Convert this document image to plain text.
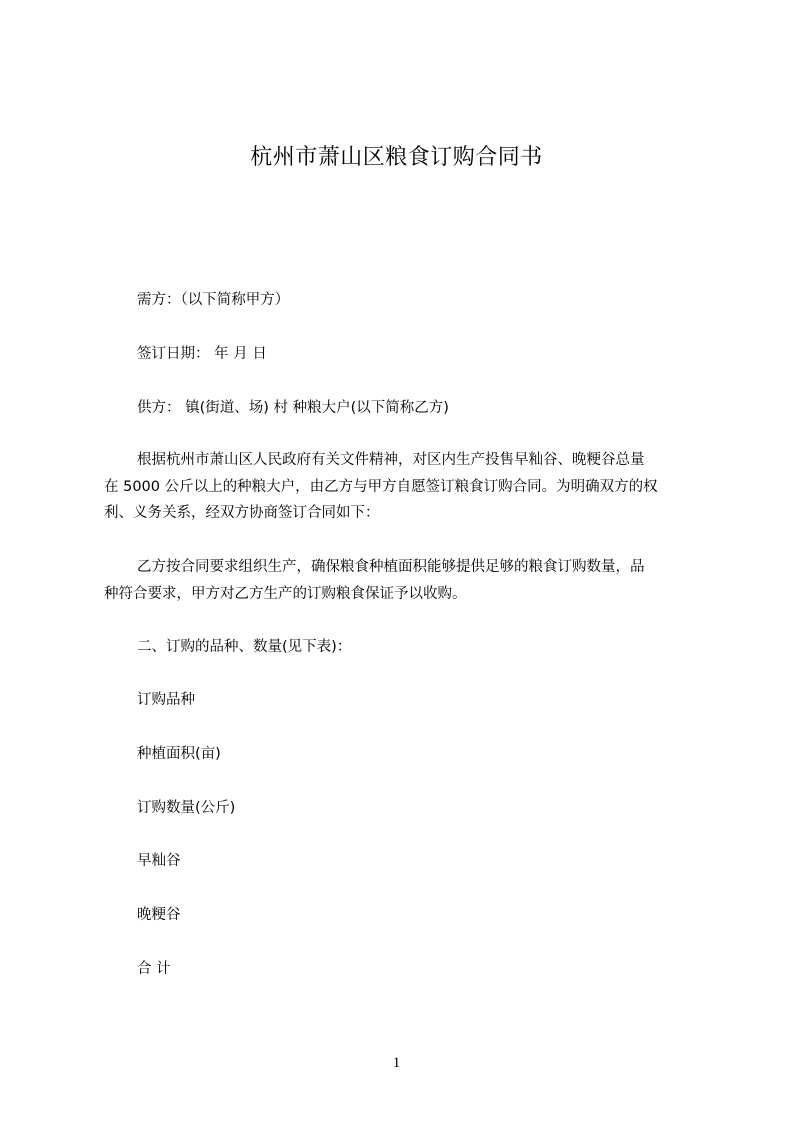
杭州市萧山区粮食订购合同书
需方：（以下简称甲方）
签订日期： 年 月 日
供方： 镇(街道、场) 村 种粮大户(以下简称乙方)
根据杭州市萧山区人民政府有关文件精神，对区内生产投售早籼谷、晚粳谷总量
在 5000 公斤以上的种粮大户，由乙方与甲方自愿签订粮食订购合同。为明确双方的权
利、义务关系，经双方协商签订合同如下：
乙方按合同要求组织生产，确保粮食种植面积能够提供足够的粮食订购数量，品
种符合要求，甲方对乙方生产的订购粮食保证予以收购。
二、订购的品种、数量(见下表)：
订购品种
种植面积(亩)
订购数量(公斤)
早籼谷
晚粳谷
合 计
1
